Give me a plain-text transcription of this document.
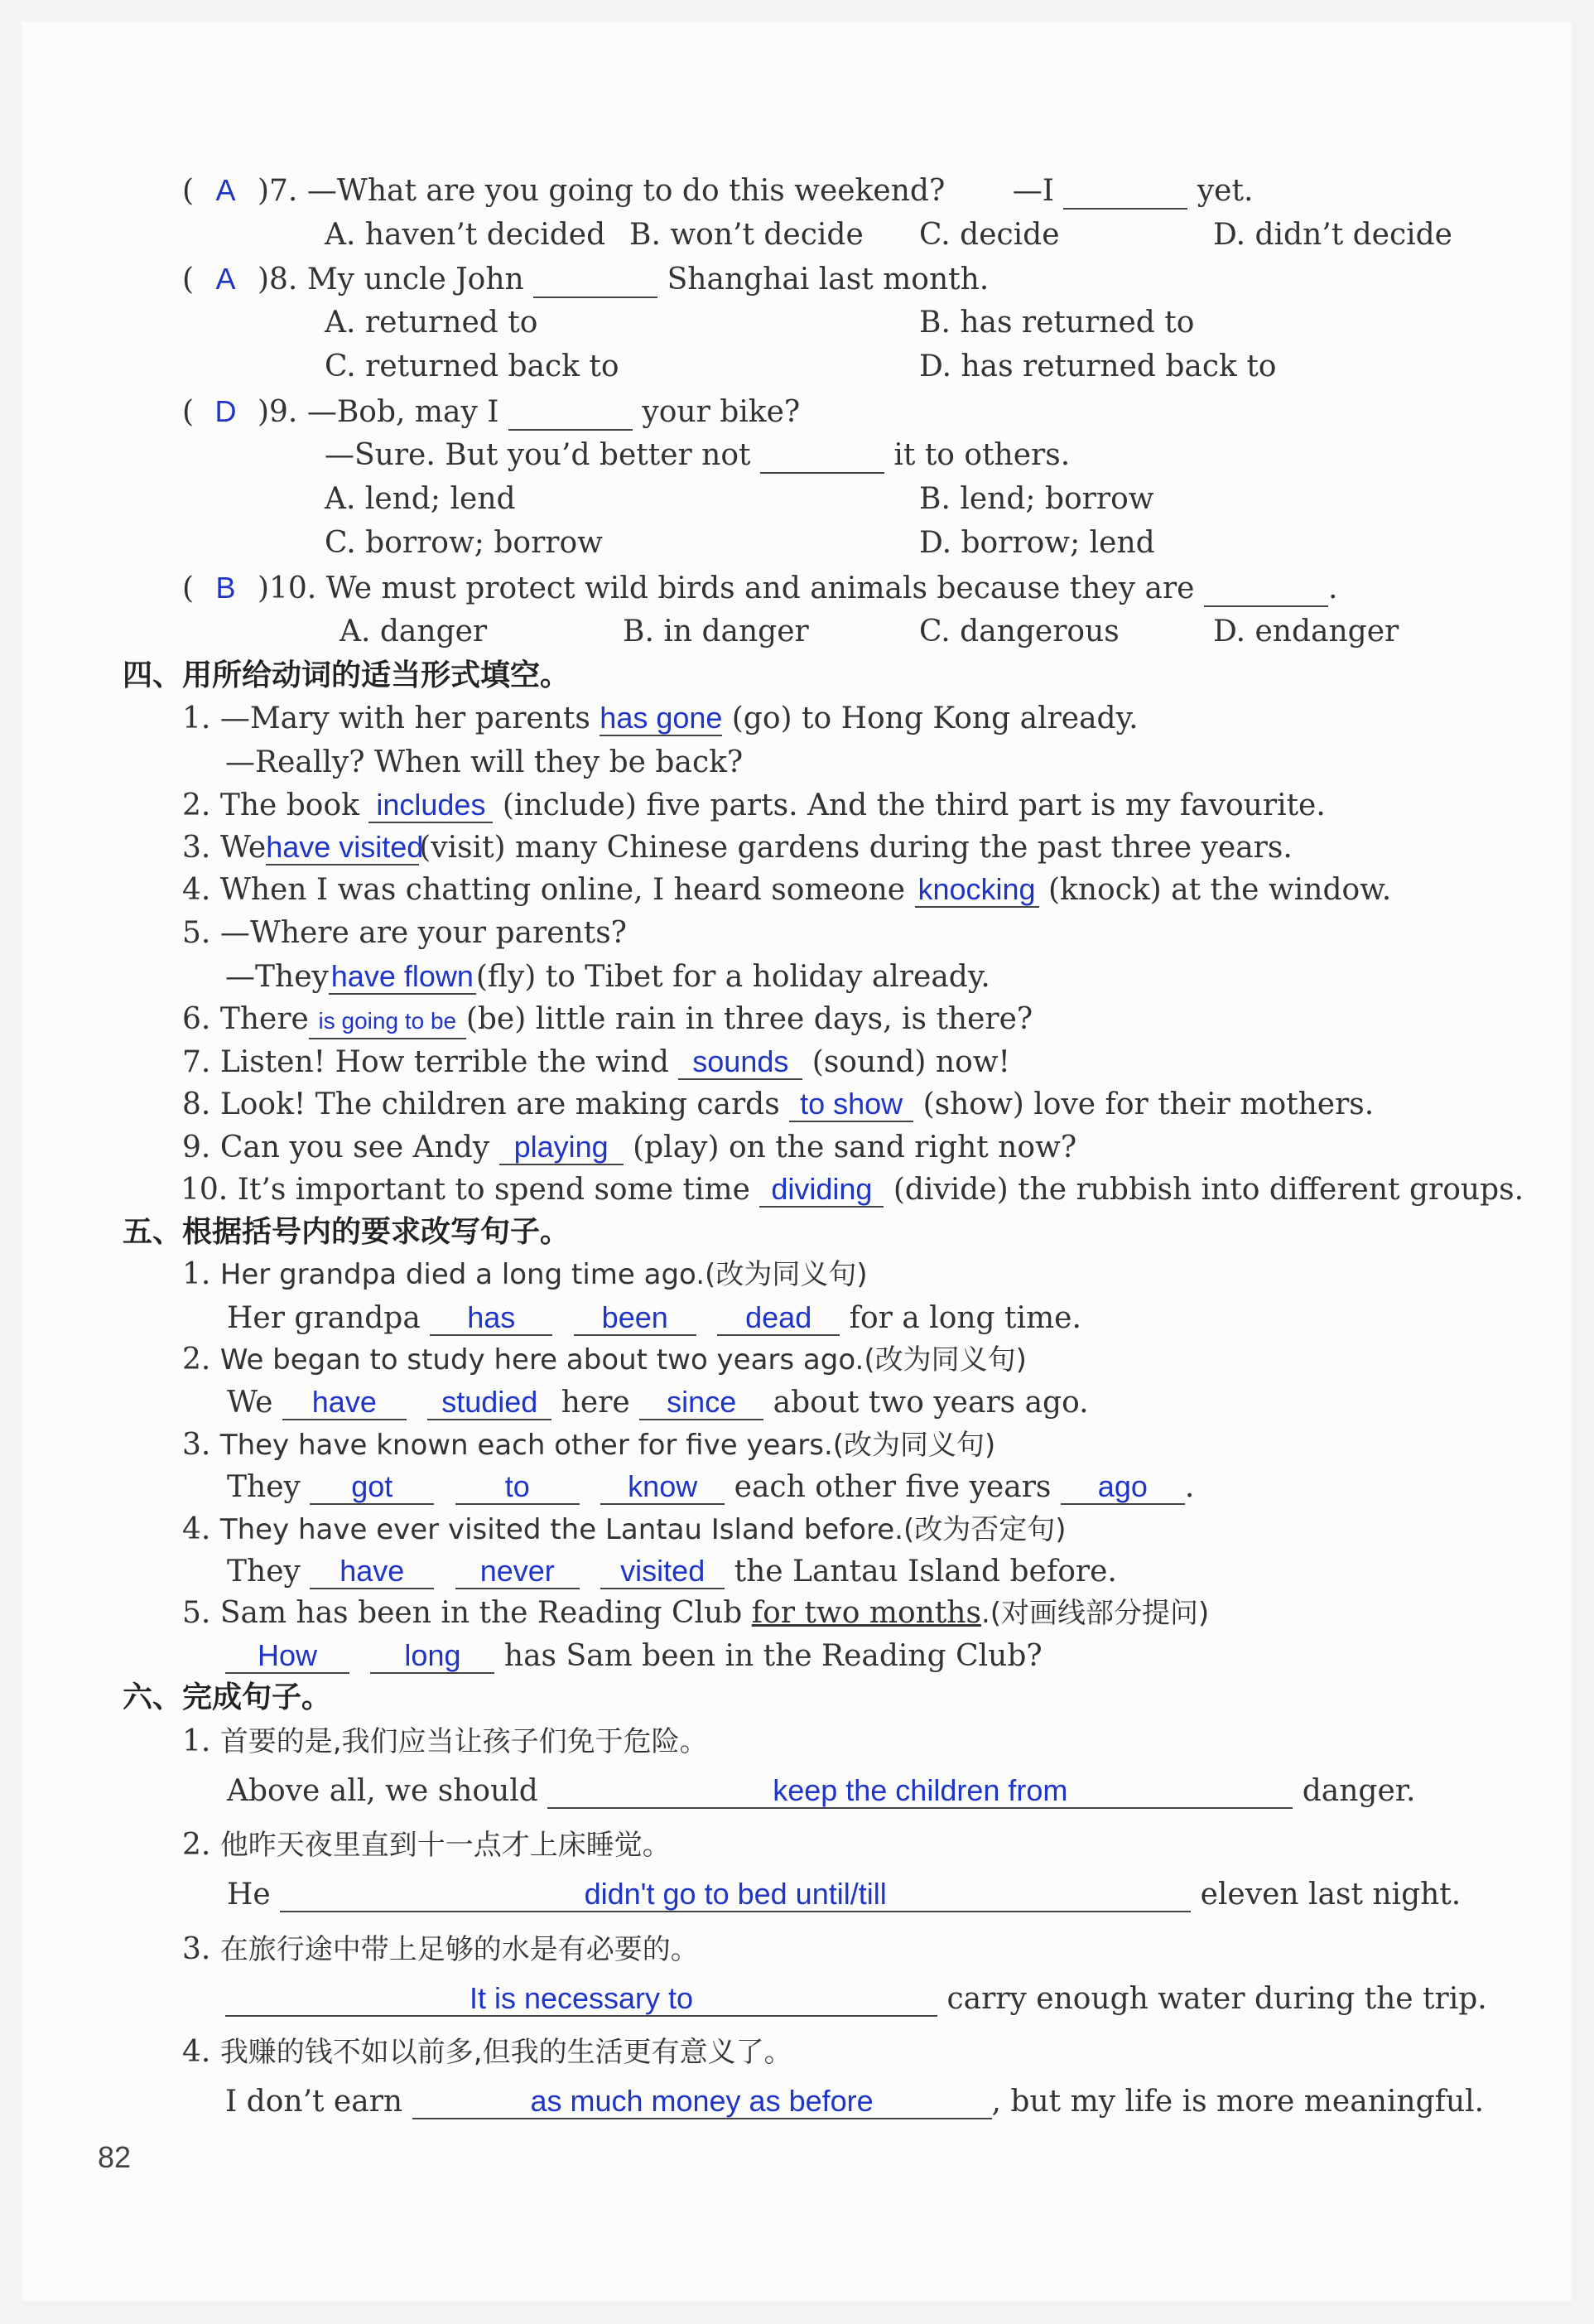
( A )7. —What are you going to do this weekend? —I	yet.
A. haven’t decided B. won’t decide C. decide	D. didn’t decide
( A )8. My uncle John	Shanghai last month.
A. returned to	B. has returned to
C. returned back to	D. has returned back to
( D )9. —Bob, may I	your bike?
—Sure. But you’d better not	it to others.
A. lend; lend	B. lend; borrow
C. borrow; borrow	D. borrow; lend
( B )10. We must protect wild birds and animals because they are	.
A. danger	B. in danger	C. dangerous	D. endanger
四、用所给动词的适当形式填空。
1. —Mary with her parents has gone (go) to Hong Kong already.
—Really? When will they be back?
2. The book includes (include) five parts. And the third part is my favourite.
3. Wehave visited(visit) many Chinese gardens during the past three years.
4. When I was chatting online, I heard someone knocking (knock) at the window.
5. —Where are your parents?
—Theyhave flown(fly) to Tibet for a holiday already.
6. There is going to be (be) little rain in three days, is there?
7. Listen! How terrible the wind sounds (sound) now!
8. Look! The children are making cards to show (show) love for their mothers.
9. Can you see Andy playing (play) on the sand right now?
10. It’s important to spend some time dividing (divide) the rubbish into different groups.
五、根据括号内的要求改写句子。
1. Her grandpa died a long time ago.(改为同义句)
Her grandpa has	been	dead for a long time.
2. We began to study here about two years ago.(改为同义句)
We have studied here since about two years ago.
3. They have known each other for five years.(改为同义句)
They got	to	know each other five years ago .
4. They have ever visited the Lantau Island before.(改为否定句)
They have	never visited the Lantau Island before.
5. Sam has been in the Reading Club for two months.(对画线部分提问)
How	long has Sam been in the Reading Club?
六、完成句子。
1. 首要的是,我们应当让孩子们免于危险。
Above all, we should	keep the children from	danger.
2. 他昨天夜里直到十一点才上床睡觉。
He	didn't go to bed until/till	eleven last night.
3. 在旅行途中带上足够的水是有必要的。
It is necessary to	carry enough water during the trip.
4. 我赚的钱不如以前多,但我的生活更有意义了。
I don’t earn	as much money as before	, but my life is more meaningful.
82
